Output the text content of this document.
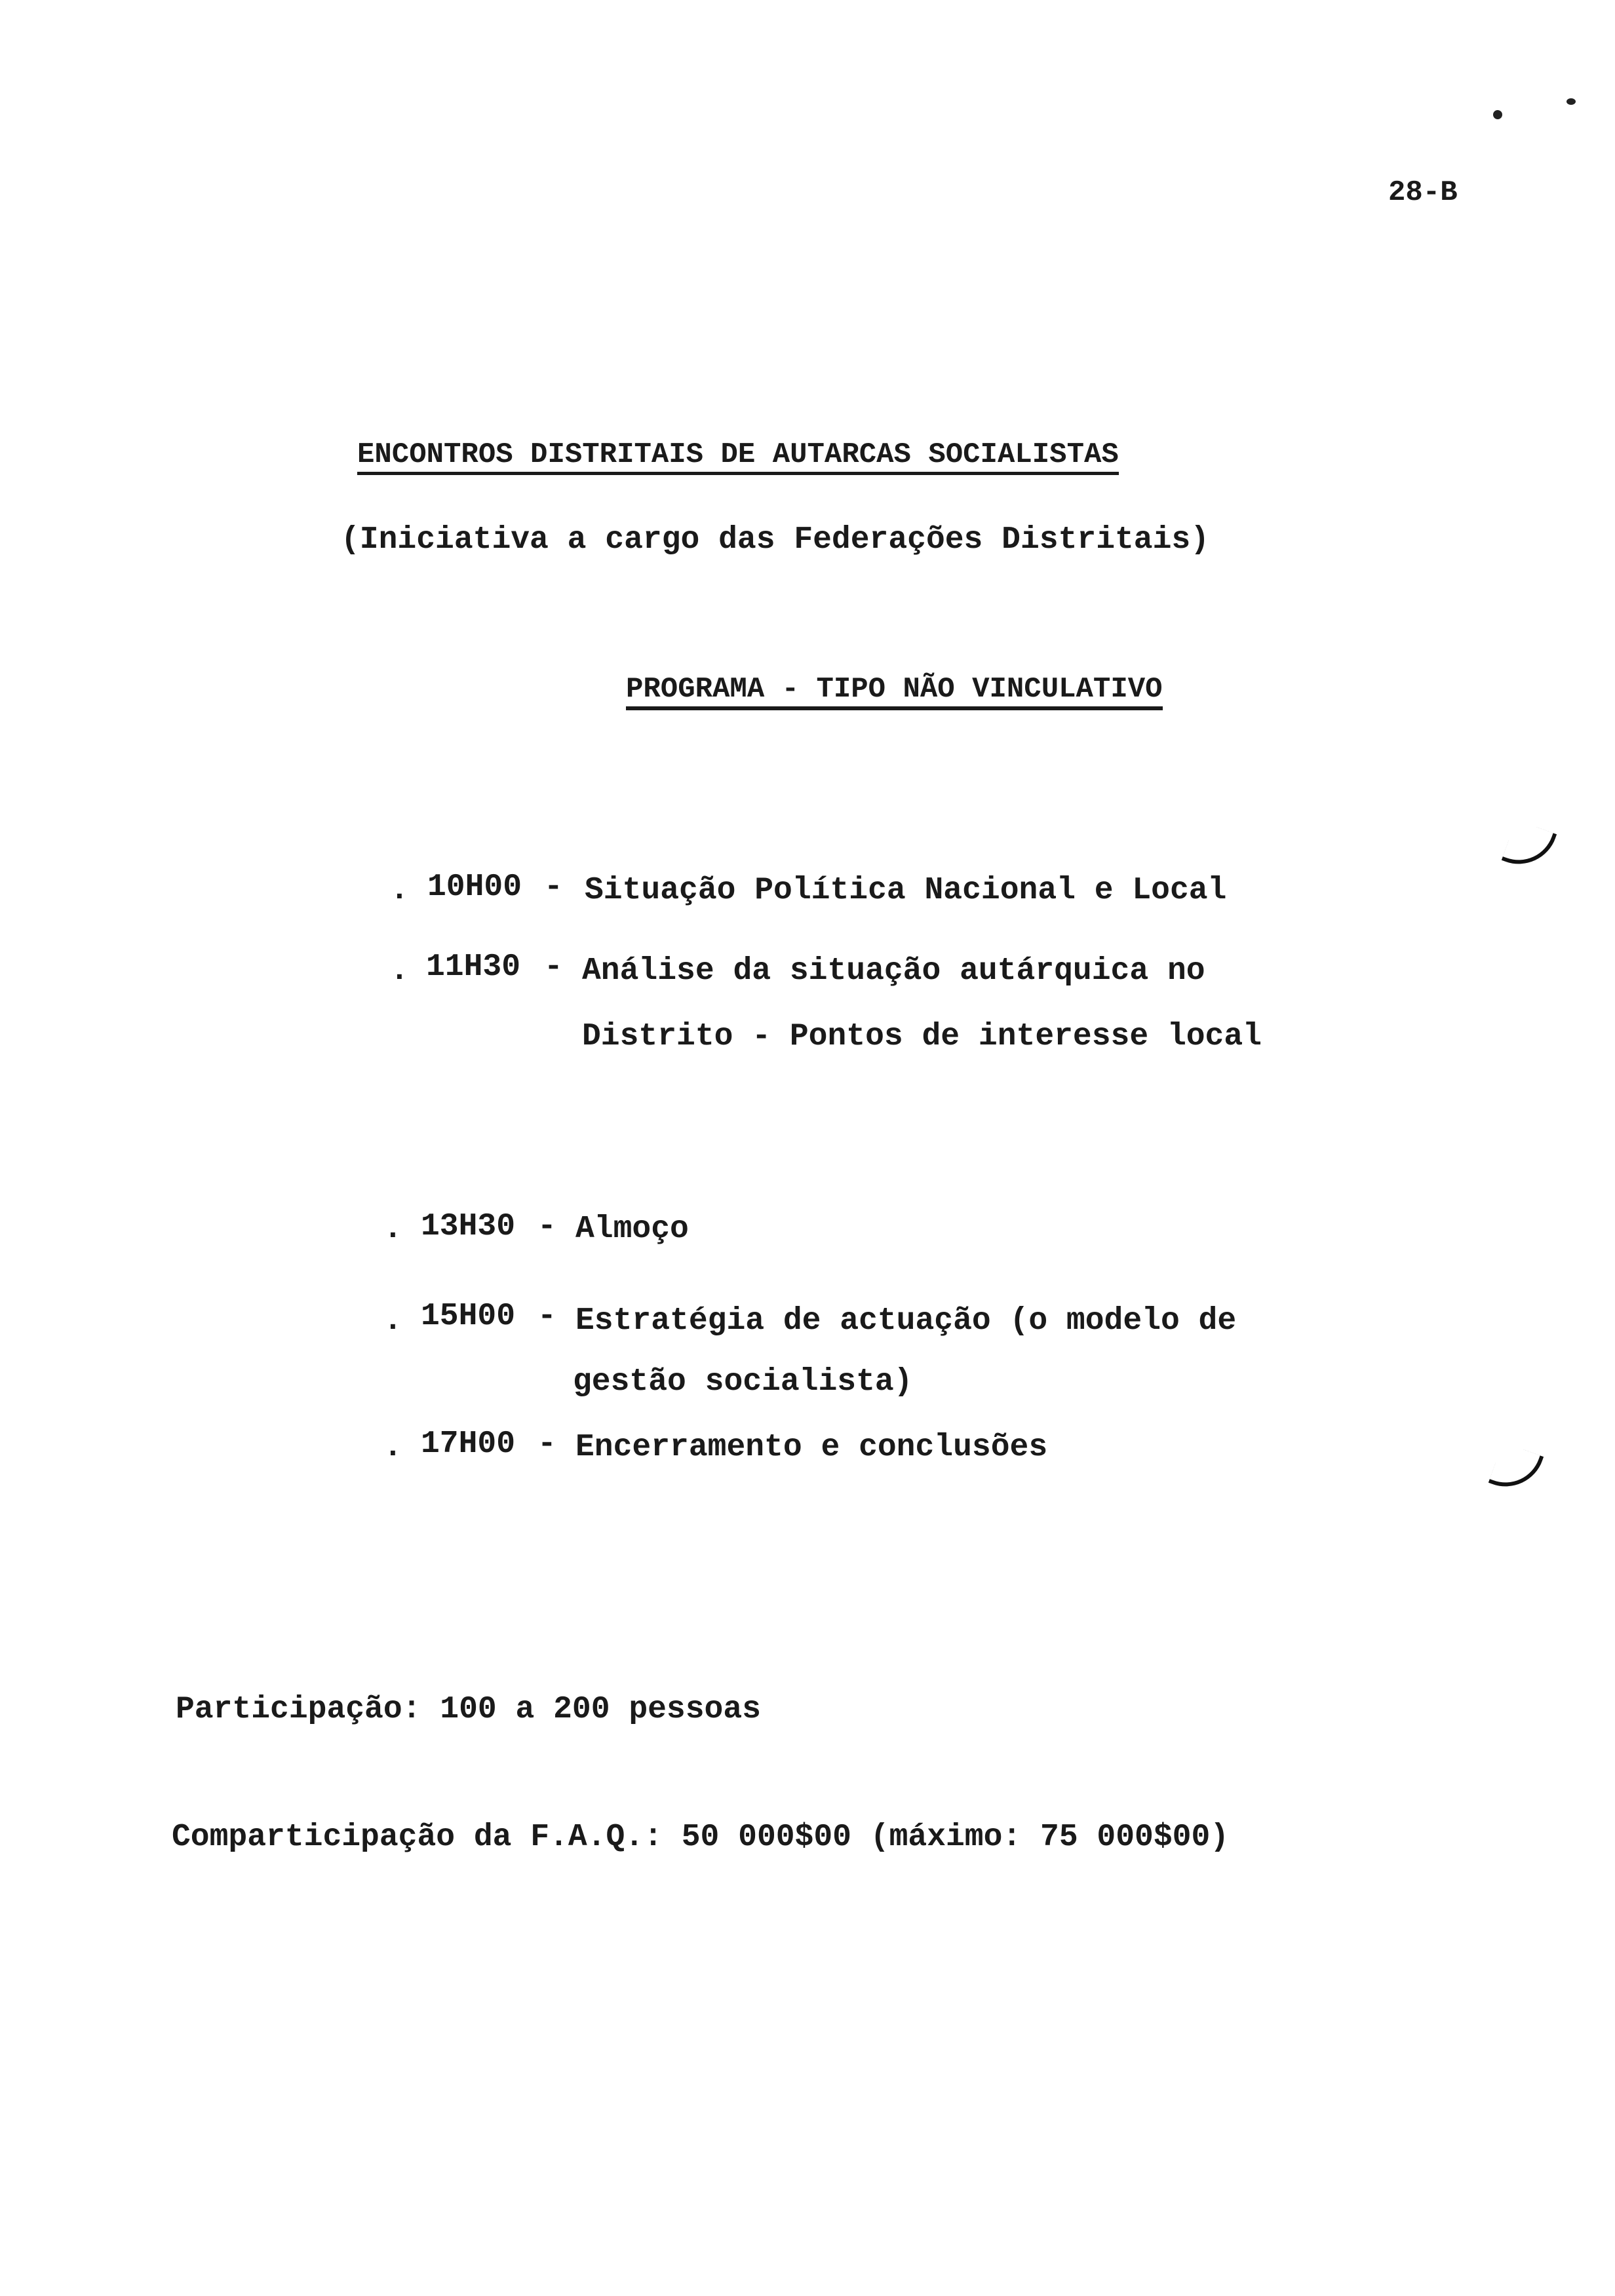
28-B
ENCONTROS DISTRITAIS DE AUTARCAS SOCIALISTAS
(Iniciativa a cargo das Federações Distritais)
PROGRAMA - TIPO NÃO VINCULATIVO
. 10H00 - Situação Política Nacional e Local
. 11H30 - Análise da situação autárquica no
Distrito - Pontos de interesse local
. 13H30 - Almoço
. 15H00 - Estratégia de actuação (o modelo de
gestão socialista)
. 17H00 - Encerramento e conclusões
Participação: 100 a 200 pessoas
Comparticipação da F.A.Q.: 50 000$00 (máximo: 75 000$00)
